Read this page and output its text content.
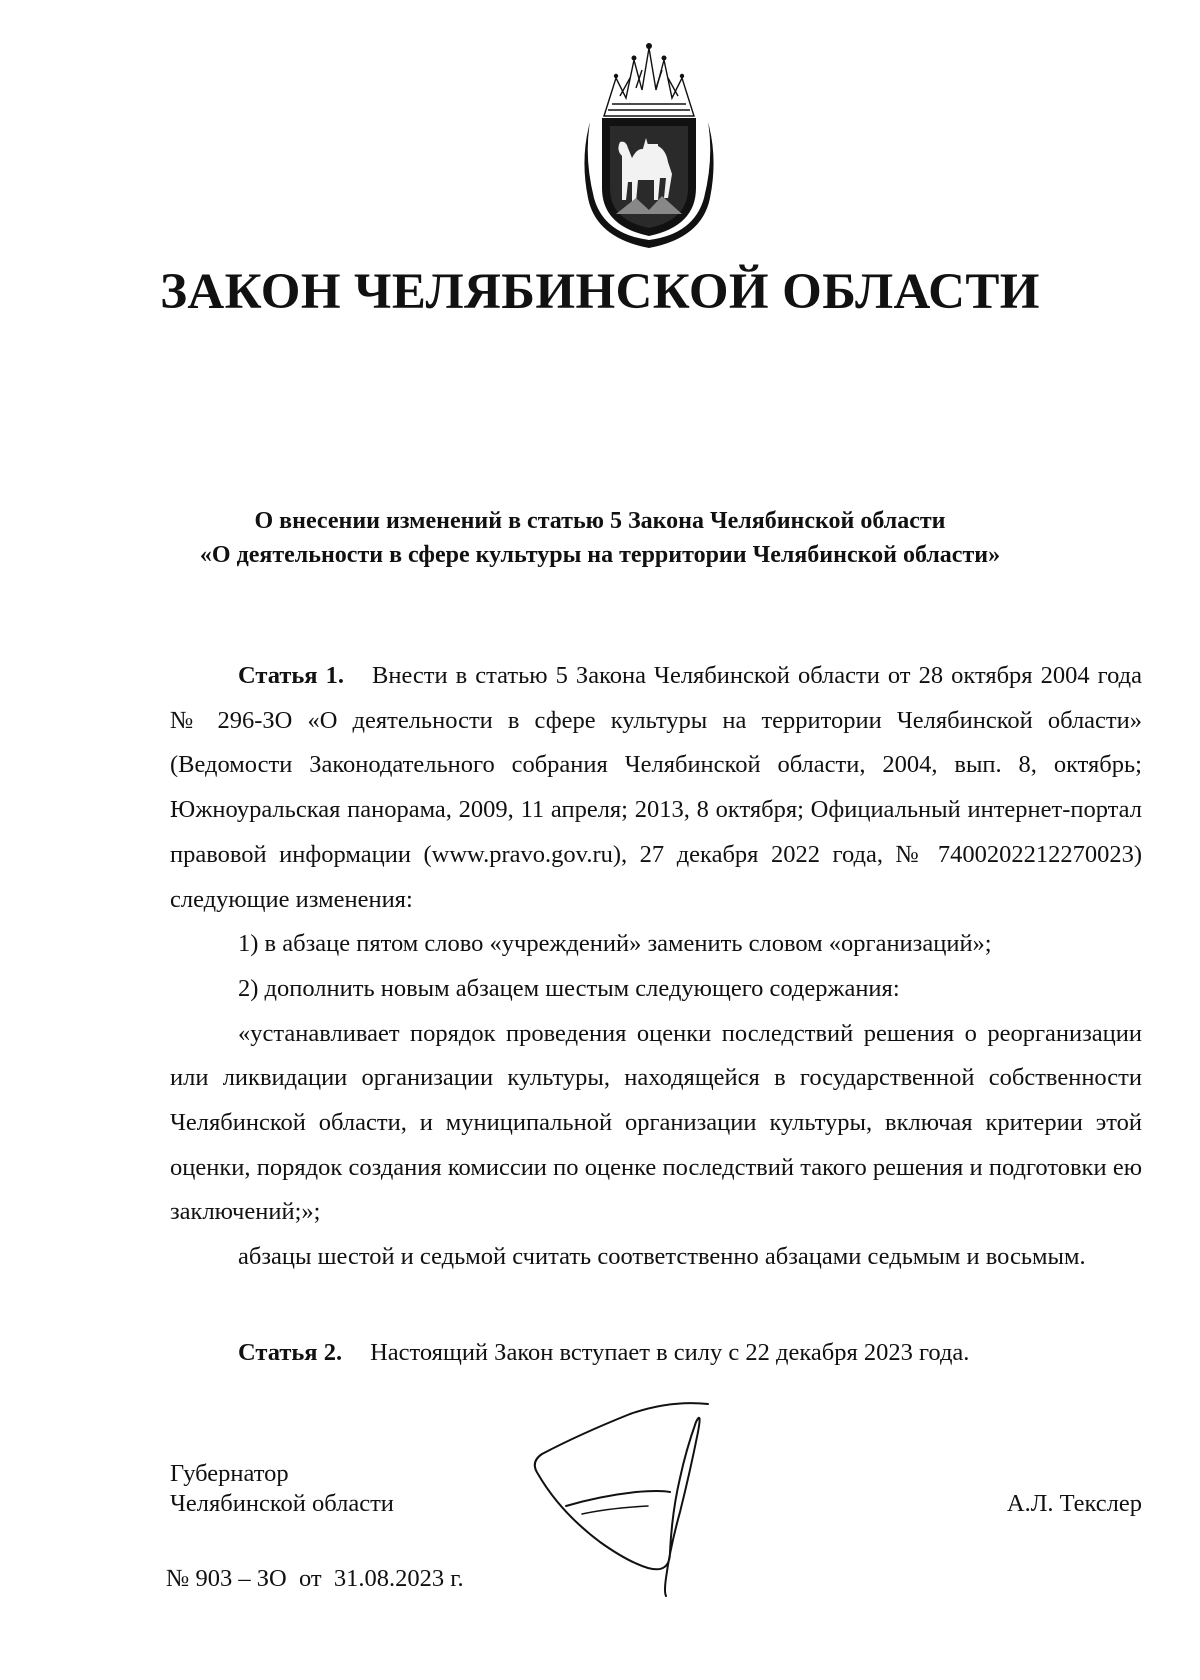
ЗАКОН ЧЕЛЯБИНСКОЙ ОБЛАСТИ
О внесении изменений в статью 5 Закона Челябинской области
«О деятельности в сфере культуры на территории Челябинской области»

Статья 1. Внести в статью 5 Закона Челябинской области от 28 октября 2004 года № 296-ЗО «О деятельности в сфере культуры на территории Челябинской области» (Ведомости Законодательного собрания Челябинской области, 2004, вып. 8, октябрь; Южноуральская панорама, 2009, 11 апреля; 2013, 8 октября; Официальный интернет-портал правовой информации (www.pravo.gov.ru), 27 декабря 2022 года, № 7400202212270023) следующие изменения:

1) в абзаце пятом слово «учреждений» заменить словом «организаций»;

2) дополнить новым абзацем шестым следующего содержания:

«устанавливает порядок проведения оценки последствий решения о реорганизации или ликвидации организации культуры, находящейся в государственной собственности Челябинской области, и муниципальной организации культуры, включая критерии этой оценки, порядок создания комиссии по оценке последствий такого решения и подготовки ею заключений;»;

абзацы шестой и седьмой считать соответственно абзацами седьмым и восьмым.

Статья 2. Настоящий Закон вступает в силу с 22 декабря 2023 года.

Губернатор
Челябинской области	А.Л. Текслер
№ 903 – ЗО  от  31.08.2023 г.
